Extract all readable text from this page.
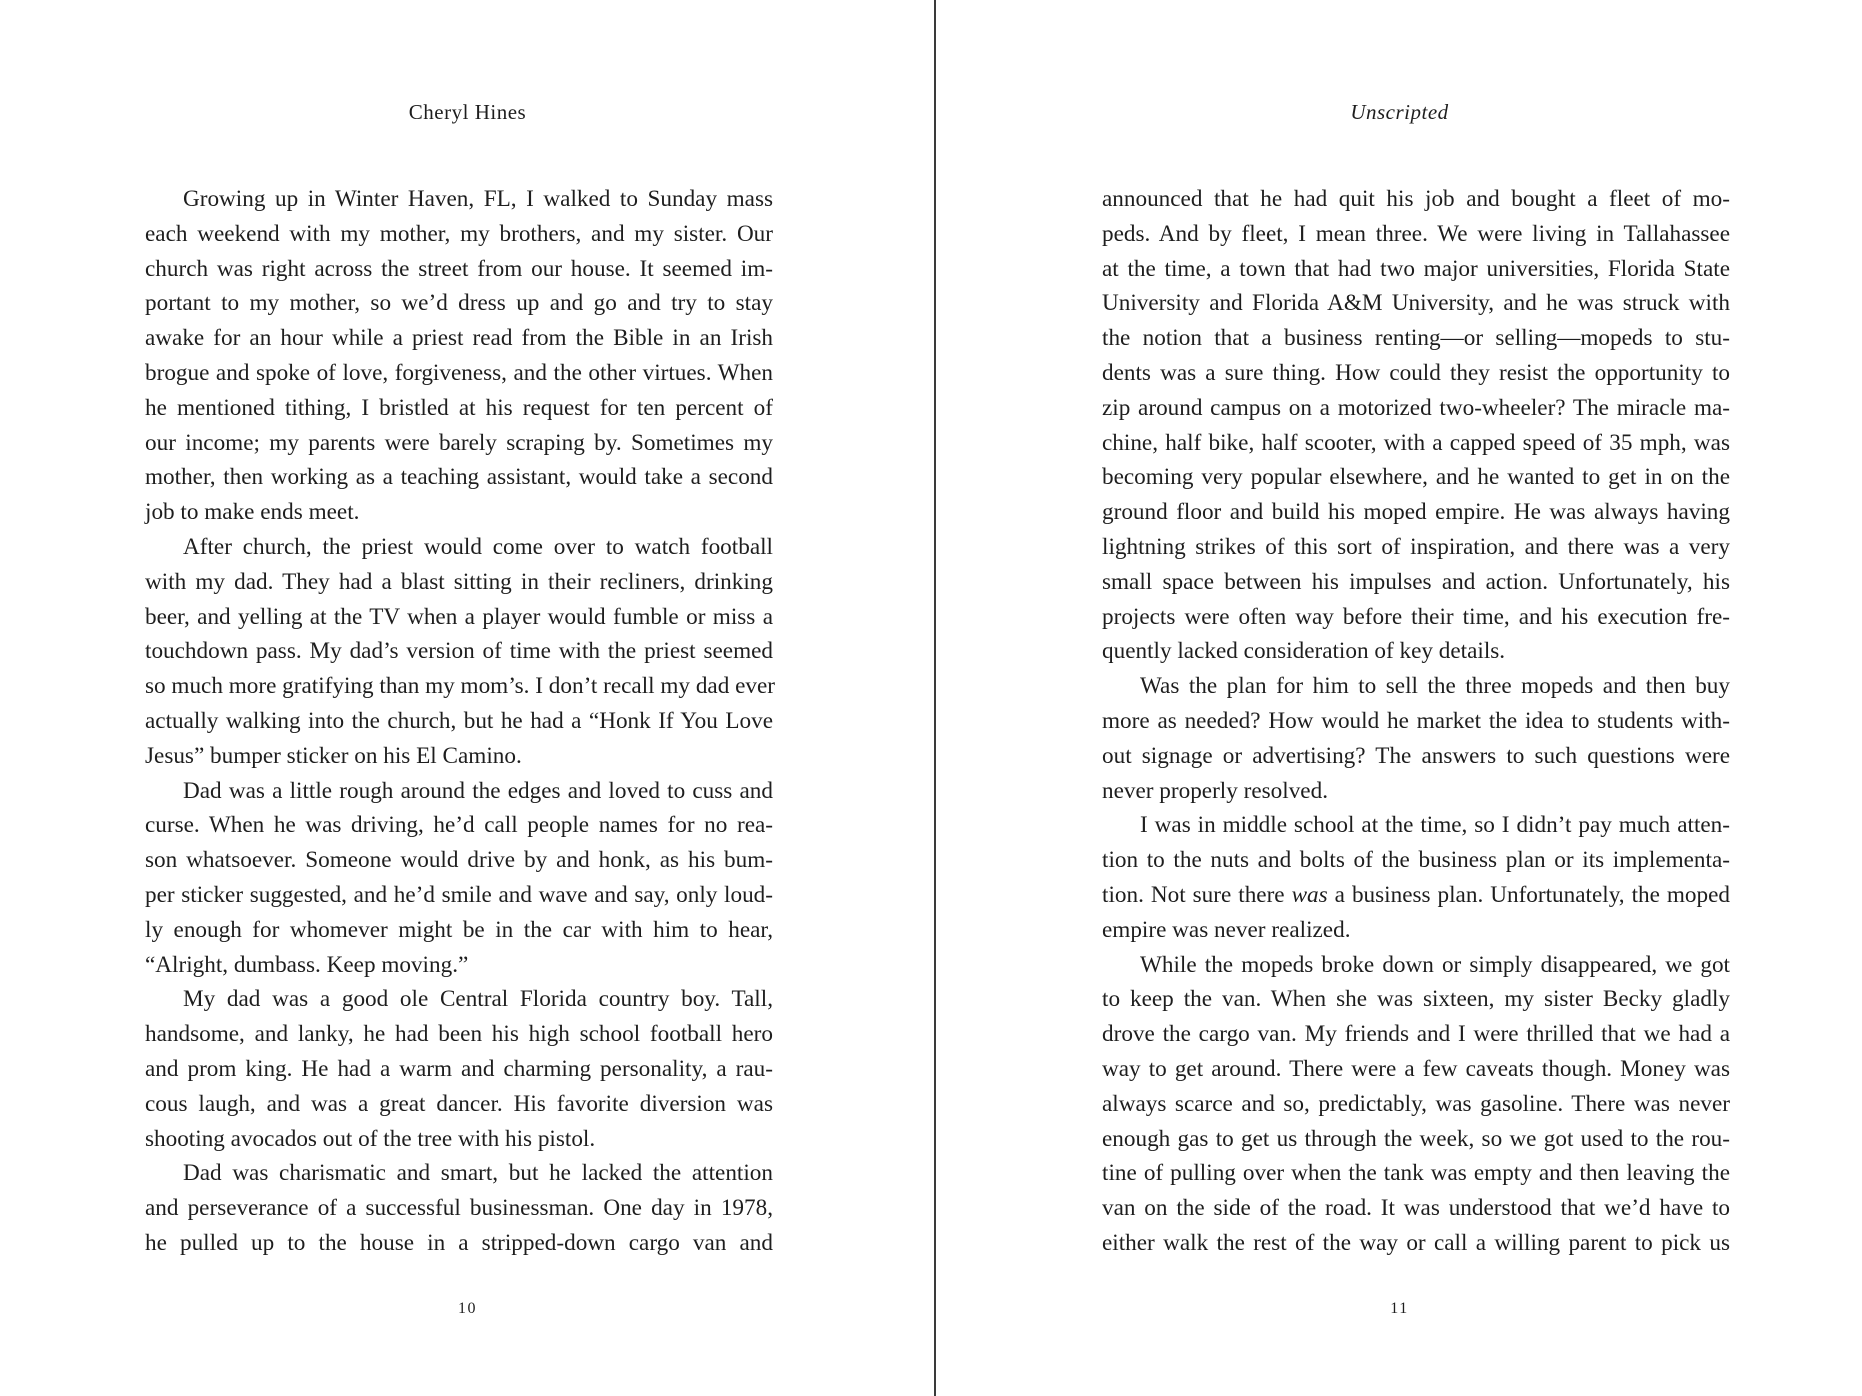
Cheryl Hines
Growing up in Winter Haven, FL, I walked to Sunday mass
each weekend with my mother, my brothers, and my sister. Our
church was right across the street from our house. It seemed im-
portant to my mother, so we’d dress up and go and try to stay
awake for an hour while a priest read from the Bible in an Irish
brogue and spoke of love, forgiveness, and the other virtues. When
he mentioned tithing, I bristled at his request for ten percent of
our income; my parents were barely scraping by. Sometimes my
mother, then working as a teaching assistant, would take a second
job to make ends meet.
After church, the priest would come over to watch football
with my dad. They had a blast sitting in their recliners, drinking
beer, and yelling at the TV when a player would fumble or miss a
touchdown pass. My dad’s version of time with the priest seemed
so much more gratifying than my mom’s. I don’t recall my dad ever
actually walking into the church, but he had a “Honk If You Love
Jesus” bumper sticker on his El Camino.
Dad was a little rough around the edges and loved to cuss and
curse. When he was driving, he’d call people names for no rea-
son whatsoever. Someone would drive by and honk, as his bum-
per sticker suggested, and he’d smile and wave and say, only loud-
ly enough for whomever might be in the car with him to hear,
“Alright, dumbass. Keep moving.”
My dad was a good ole Central Florida country boy. Tall,
handsome, and lanky, he had been his high school football hero
and prom king. He had a warm and charming personality, a rau-
cous laugh, and was a great dancer. His favorite diversion was
shooting avocados out of the tree with his pistol.
Dad was charismatic and smart, but he lacked the attention
and perseverance of a successful businessman. One day in 1978,
he pulled up to the house in a stripped-down cargo van and
10
Unscripted
announced that he had quit his job and bought a fleet of mo-
peds. And by fleet, I mean three. We were living in Tallahassee
at the time, a town that had two major universities, Florida State
University and Florida A&M University, and he was struck with
the notion that a business renting—or selling—mopeds to stu-
dents was a sure thing. How could they resist the opportunity to
zip around campus on a motorized two-wheeler? The miracle ma-
chine, half bike, half scooter, with a capped speed of 35 mph, was
becoming very popular elsewhere, and he wanted to get in on the
ground floor and build his moped empire. He was always having
lightning strikes of this sort of inspiration, and there was a very
small space between his impulses and action. Unfortunately, his
projects were often way before their time, and his execution fre-
quently lacked consideration of key details.
Was the plan for him to sell the three mopeds and then buy
more as needed? How would he market the idea to students with-
out signage or advertising? The answers to such questions were
never properly resolved.
I was in middle school at the time, so I didn’t pay much atten-
tion to the nuts and bolts of the business plan or its implementa-
tion. Not sure there was a business plan. Unfortunately, the moped
empire was never realized.
While the mopeds broke down or simply disappeared, we got
to keep the van. When she was sixteen, my sister Becky gladly
drove the cargo van. My friends and I were thrilled that we had a
way to get around. There were a few caveats though. Money was
always scarce and so, predictably, was gasoline. There was never
enough gas to get us through the week, so we got used to the rou-
tine of pulling over when the tank was empty and then leaving the
van on the side of the road. It was understood that we’d have to
either walk the rest of the way or call a willing parent to pick us
11
